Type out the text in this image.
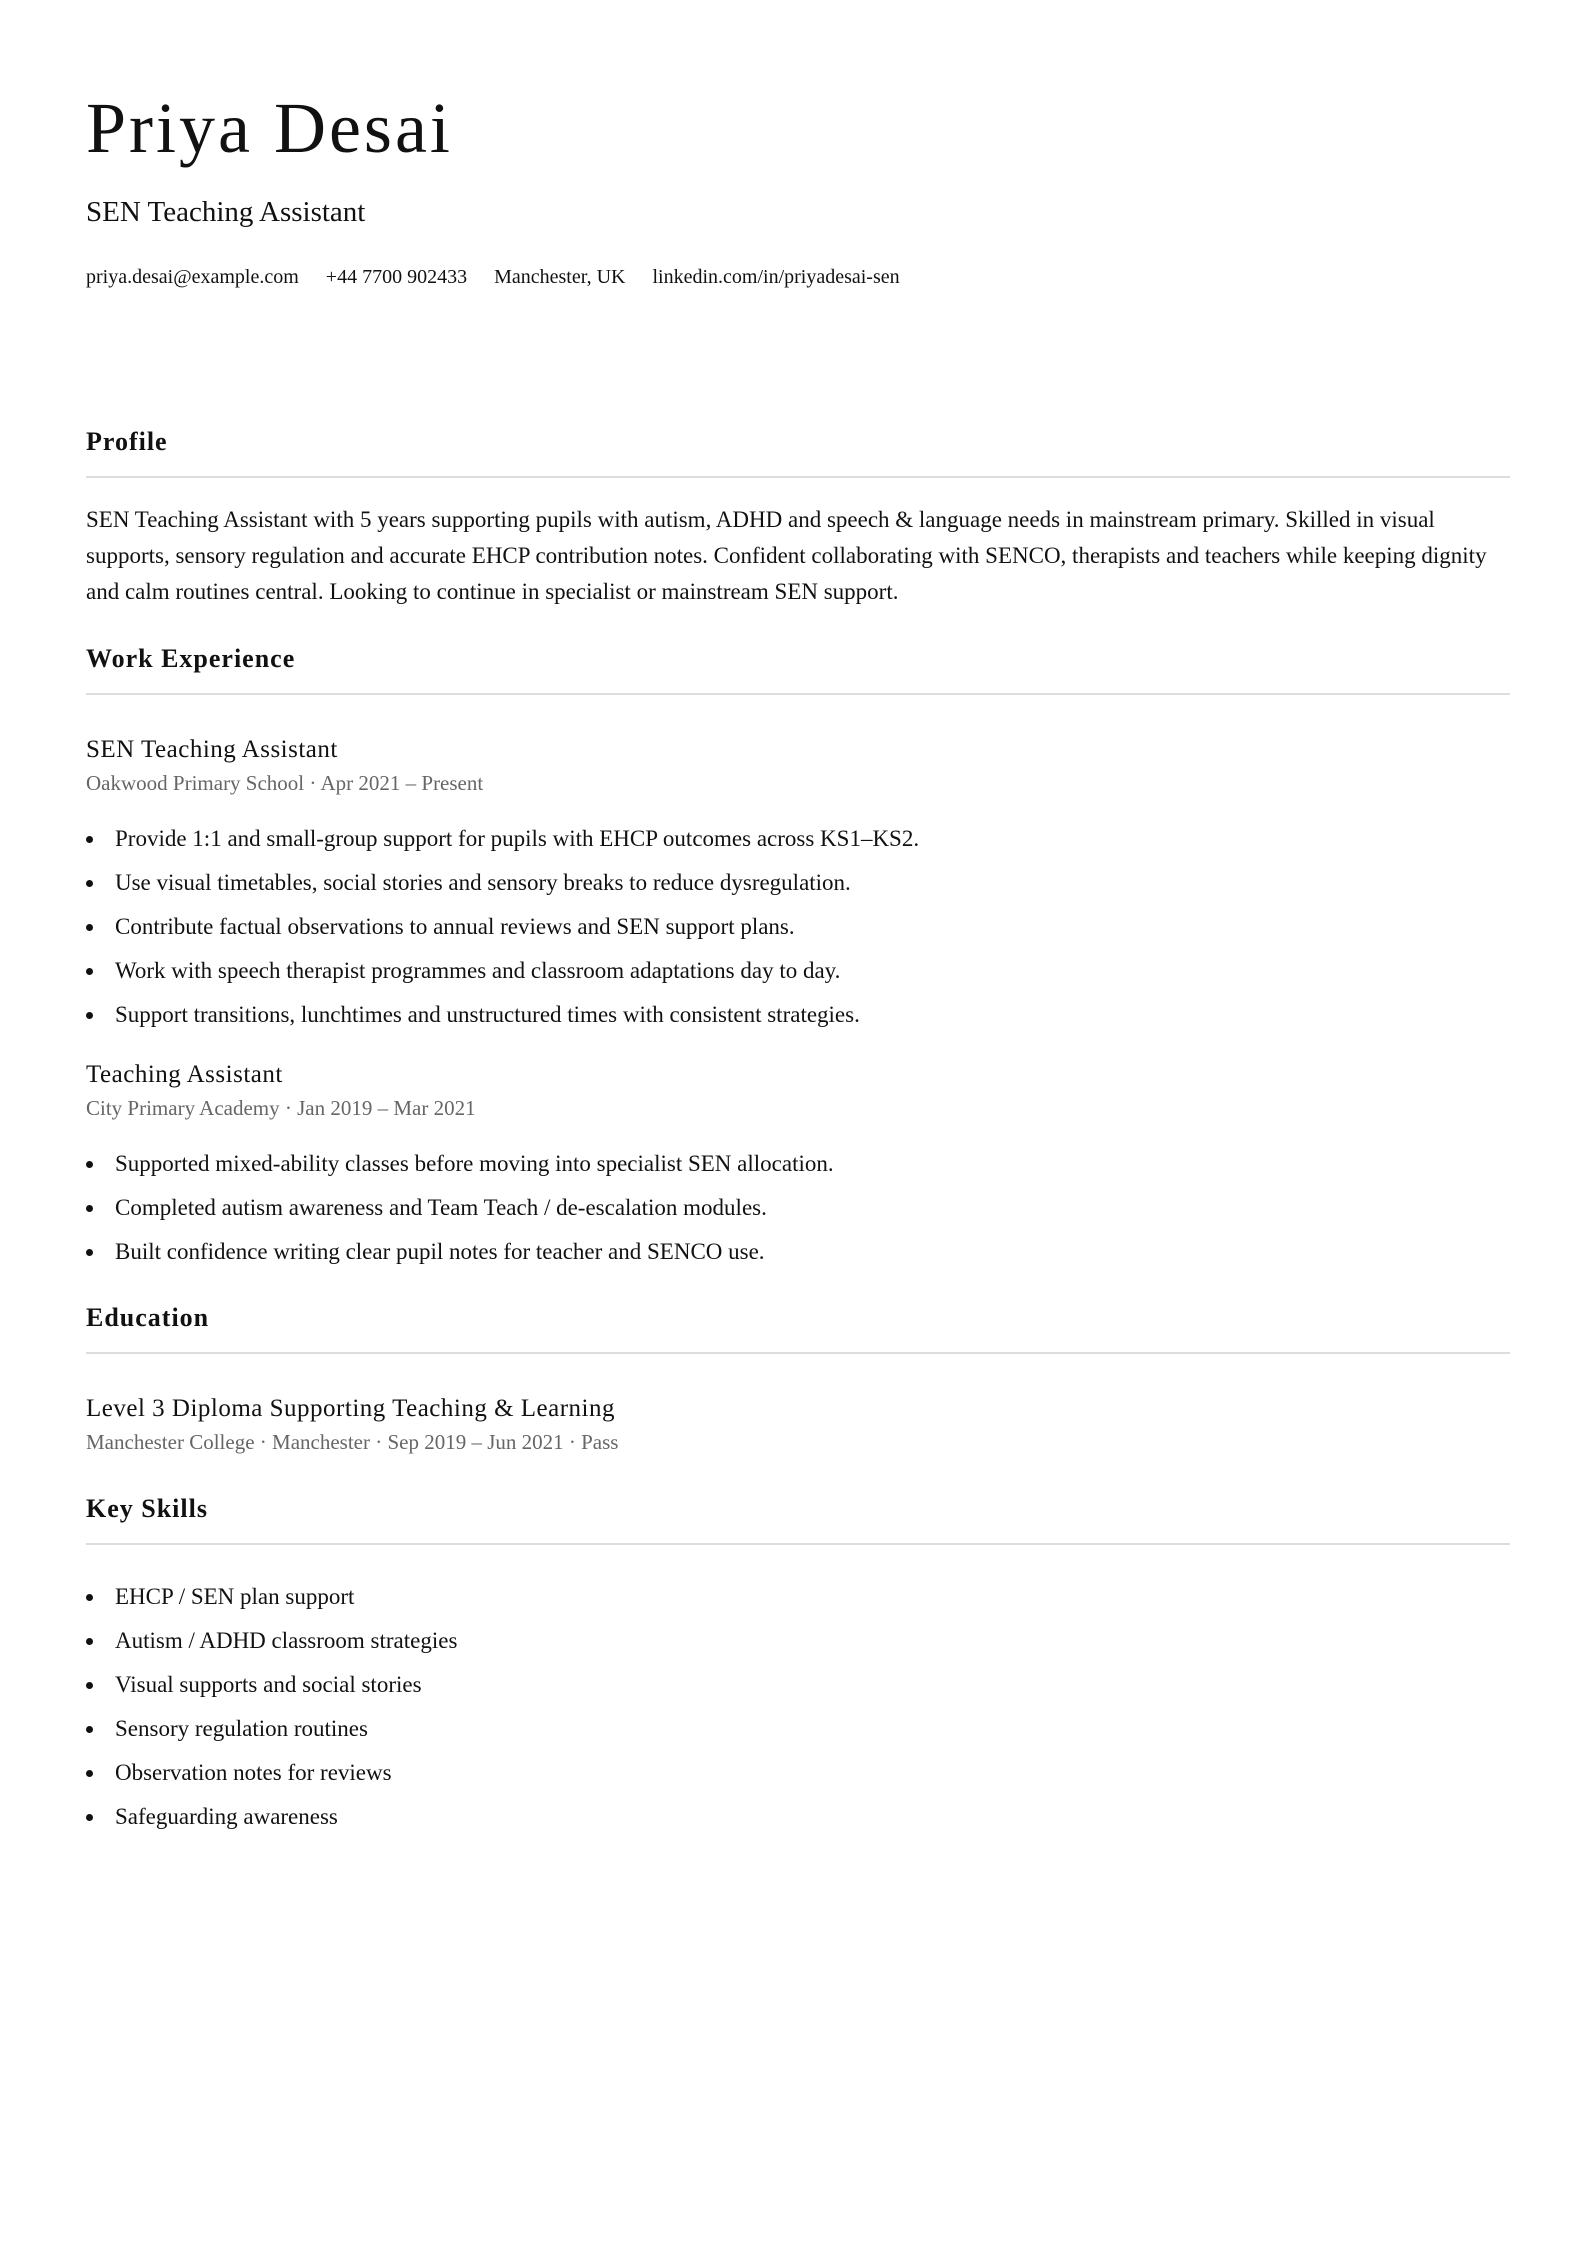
Priya Desai
SEN Teaching Assistant
priya.desai@example.com +44 7700 902433 Manchester, UK linkedin.com/in/priyadesai-sen
Profile

SEN Teaching Assistant with 5 years supporting pupils with autism, ADHD and speech & language needs in mainstream primary. Skilled in visual supports, sensory regulation and accurate EHCP contribution notes. Confident collaborating with SENCO, therapists and teachers while keeping dignity and calm routines central. Looking to continue in specialist or mainstream SEN support.

Work Experience
SEN Teaching Assistant
Oakwood Primary School · Apr 2021 – Present
Provide 1:1 and small-group support for pupils with EHCP outcomes across KS1–KS2.
Use visual timetables, social stories and sensory breaks to reduce dysregulation.
Contribute factual observations to annual reviews and SEN support plans.
Work with speech therapist programmes and classroom adaptations day to day.
Support transitions, lunchtimes and unstructured times with consistent strategies.
Teaching Assistant
City Primary Academy · Jan 2019 – Mar 2021
Supported mixed-ability classes before moving into specialist SEN allocation.
Completed autism awareness and Team Teach / de-escalation modules.
Built confidence writing clear pupil notes for teacher and SENCO use.
Education
Level 3 Diploma Supporting Teaching & Learning
Manchester College · Manchester · Sep 2019 – Jun 2021 · Pass
Key Skills
EHCP / SEN plan support
Autism / ADHD classroom strategies
Visual supports and social stories
Sensory regulation routines
Observation notes for reviews
Safeguarding awareness
